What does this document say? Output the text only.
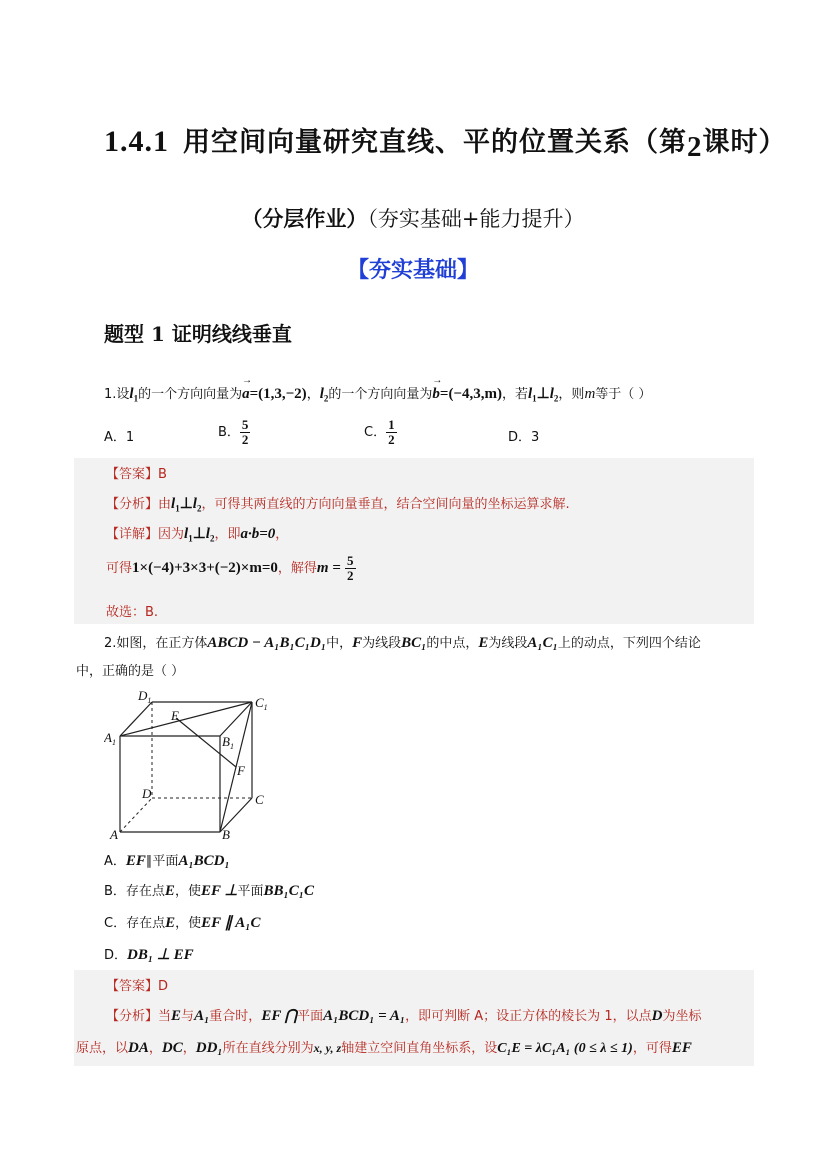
1.4.1 用空间向量研究直线、平的位置关系（第2课时）
（分层作业）（夯实基础+能力提升）
【夯实基础】
题型 1 证明线线垂直
1.设$l_1$的一个方向向量为→ a=(1,3,−2)，$l_2$的一个方向向量为→ b=(−4,3,m)，若$l_1\perp l_2$，则m等于（ ）
A．1	B． $\frac{5}{2}$	C． $\frac{1}{2}$	D．3
【答案】B
【分析】由$l_1\perp l_2$，可得其两直线的方向向量垂直，结合空间向量的坐标运算求解.
【详解】因为$l_1\perp l_2$，即a·b=0，
可得1×(−4)+3×3+(−2)×m=0，解得$m = \frac{5}{2}$
故选：B.
2.如图，在正方体ABCD − A₁B₁C₁D₁中，F为线段BC₁的中点，E为线段A₁C₁上的动点，下列四个结论
中，正确的是（ ）
$D_1$	$C_1$
E
$A_1$	$B_1$
F
D	C
A	B
A．EF∥平面A₁BCD₁
B．存在点E，使EF ⊥平面BB₁C₁C
C．存在点E，使EF ∥ A₁C
D．DB₁ ⊥ EF
【答案】D
【分析】当E与A₁重合时，EF ⋂平面A₁BCD₁ = A₁，即可判断 A；设正方体的棱长为 1，以点D为坐标
原点，以DA，DC，DD₁所在直线分别为x, y, z轴建立空间直角坐标系，设C₁E = λC₁A₁ (0 ≤ λ ≤ 1)，可得EF
